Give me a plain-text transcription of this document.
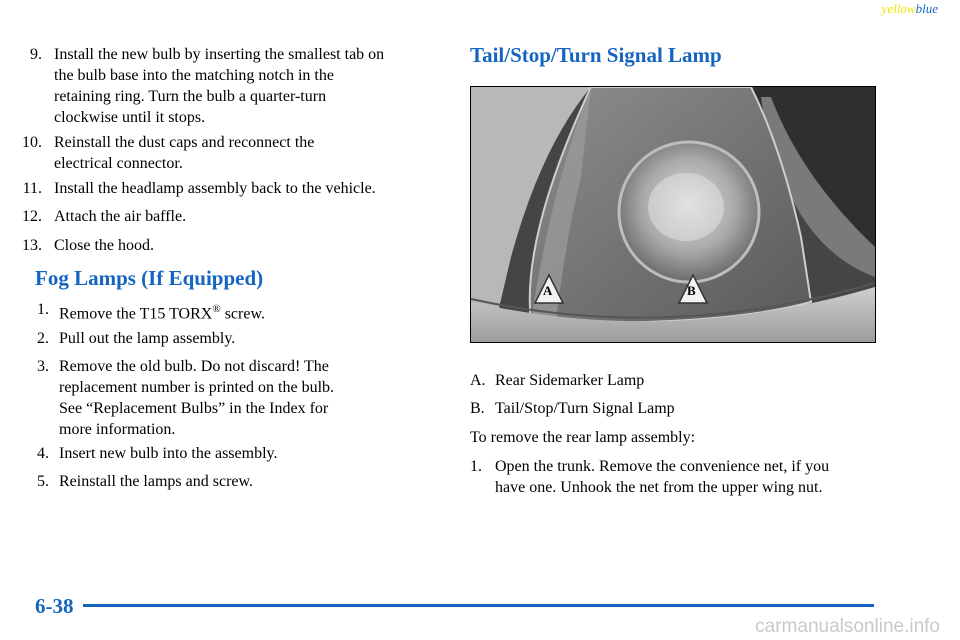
yellowblue
9. Install the new bulb by inserting the smallest tab on
the bulb base into the matching notch in the
retaining ring. Turn the bulb a quarter-turn
clockwise until it stops.
10. Reinstall the dust caps and reconnect the
electrical connector.
11. Install the headlamp assembly back to the vehicle.
12. Attach the air baffle.
13. Close the hood.
Fog Lamps (If Equipped)
1. Remove the T15 TORX® screw.
2. Pull out the lamp assembly.
3. Remove the old bulb. Do not discard! The
replacement number is printed on the bulb.
See “Replacement Bulbs” in the Index for
more information.
4. Insert new bulb into the assembly.
5. Reinstall the lamps and screw.
Tail/Stop/Turn Signal Lamp
A	B
A. Rear Sidemarker Lamp
B. Tail/Stop/Turn Signal Lamp
To remove the rear lamp assembly:
1. Open the trunk. Remove the convenience net, if you
have one. Unhook the net from the upper wing nut.
6-38
carmanualsonline.info
